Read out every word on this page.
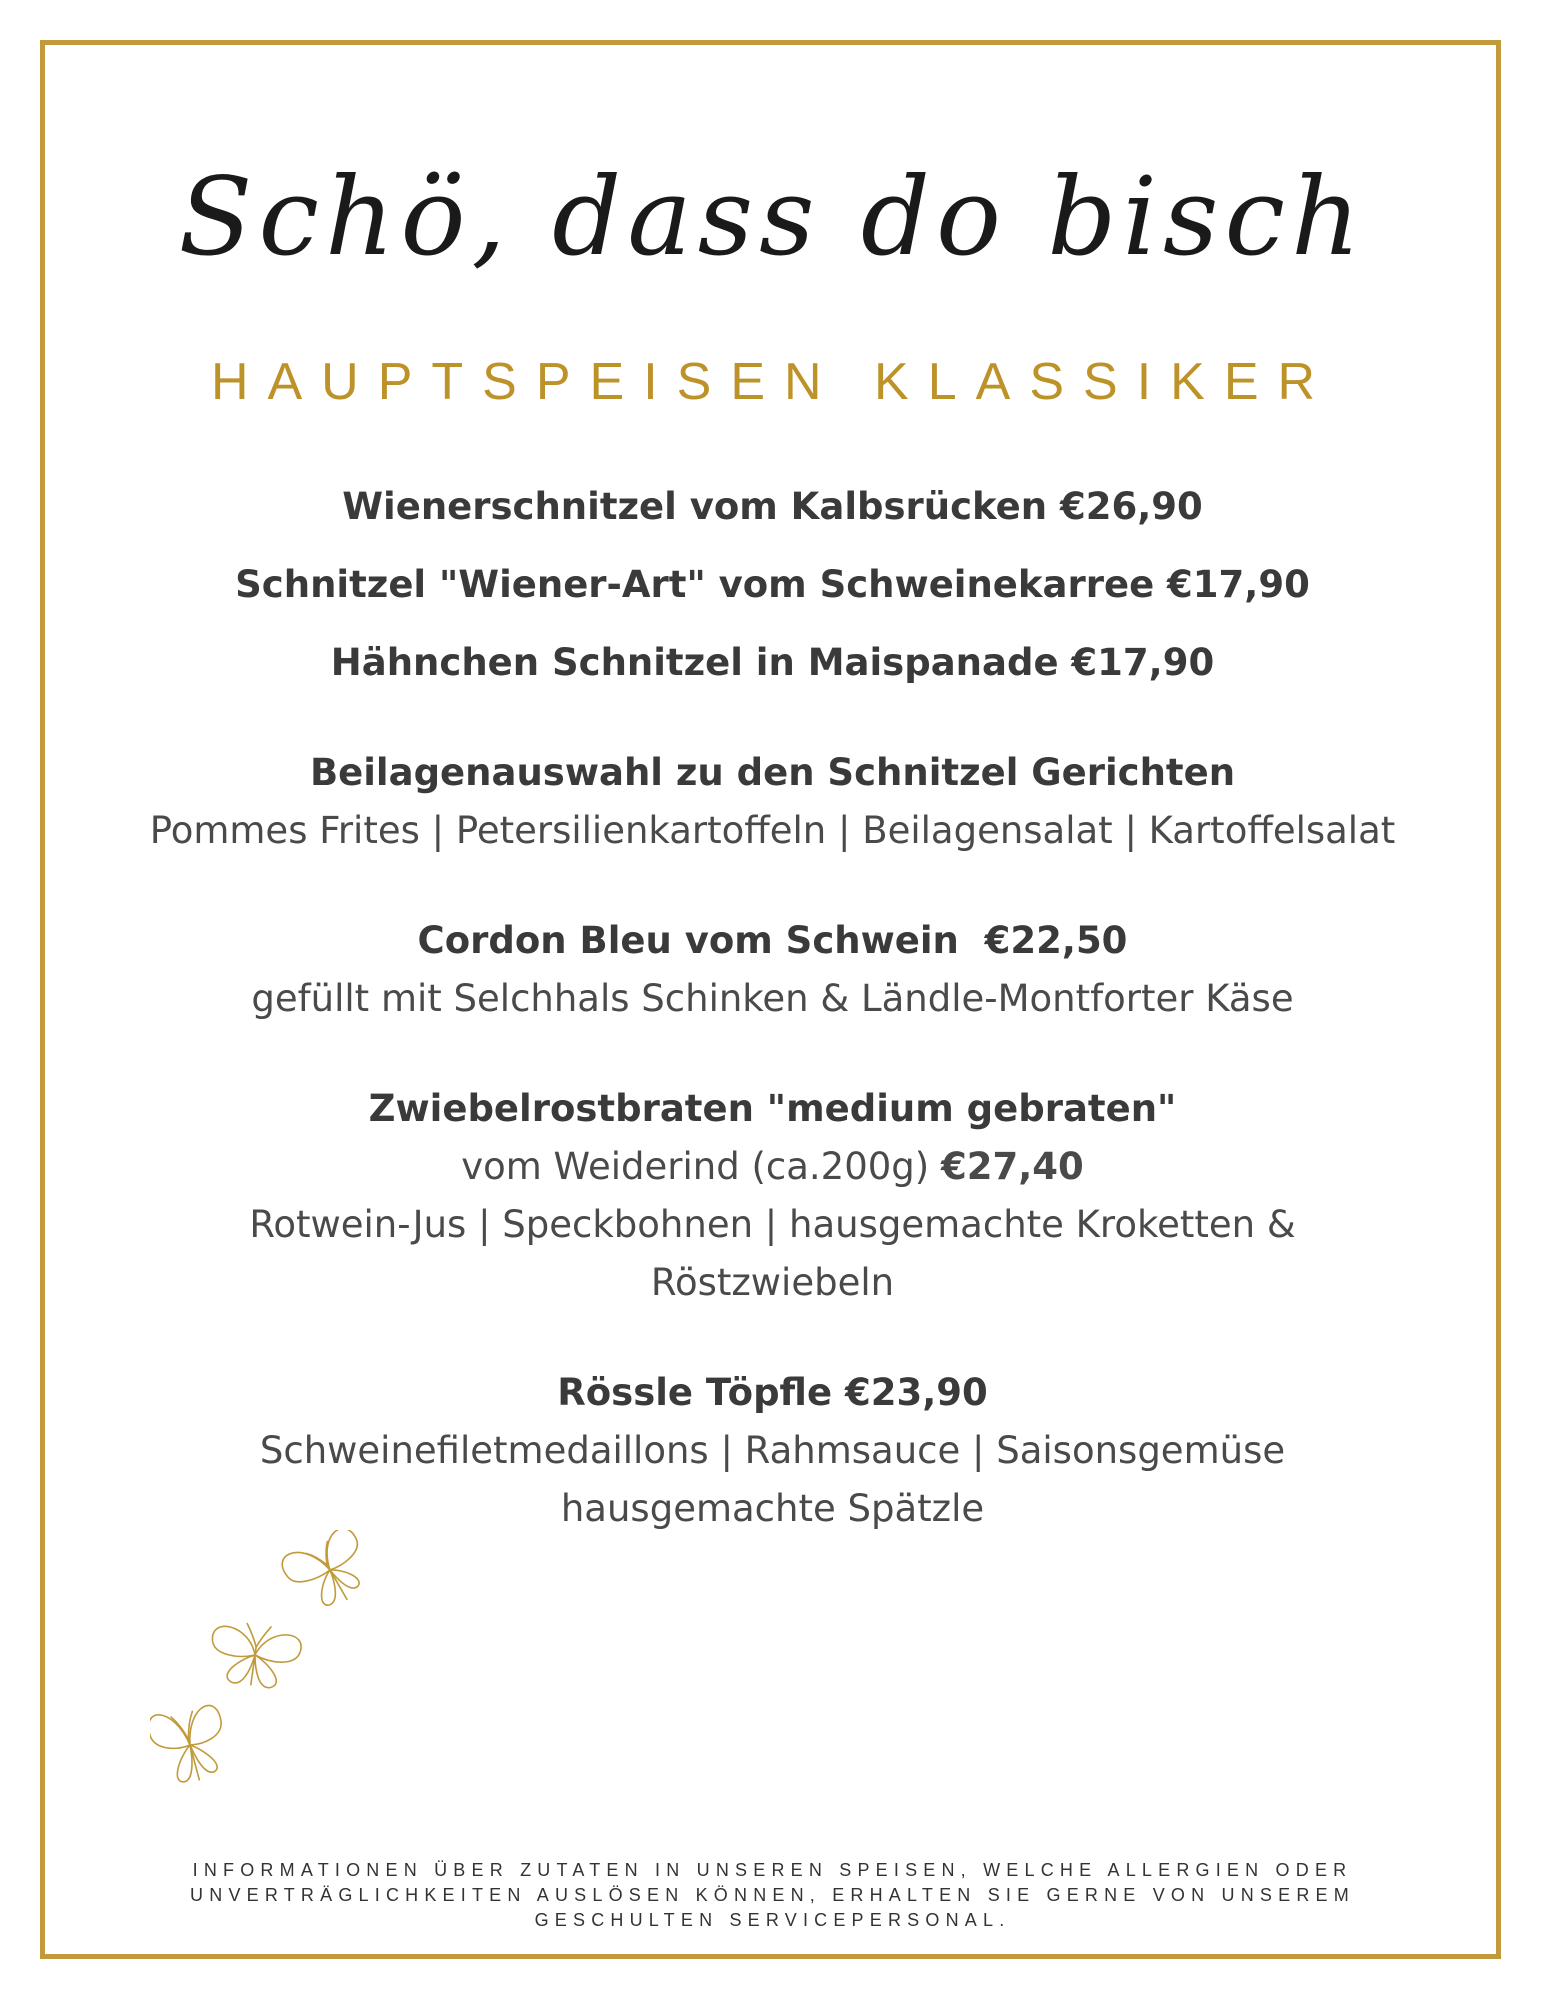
Schö, dass do bisch
HAUPTSPEISEN KLASSIKER
Wienerschnitzel vom Kalbsrücken €26,90
Schnitzel "Wiener-Art" vom Schweinekarree €17,90
Hähnchen Schnitzel in Maispanade €17,90
Beilagenauswahl zu den Schnitzel Gerichten
Pommes Frites | Petersilienkartoffeln | Beilagensalat | Kartoffelsalat
Cordon Bleu vom Schwein  €22,50
gefüllt mit Selchhals Schinken & Ländle-Montforter Käse
Zwiebelrostbraten "medium gebraten"
vom Weiderind (ca.200g) €27,40
Rotwein-Jus | Speckbohnen | hausgemachte Kroketten &
Röstzwiebeln
Rössle Töpfle €23,90
Schweinefiletmedaillons | Rahmsauce | Saisonsgemüse
hausgemachte Spätzle
INFORMATIONEN ÜBER ZUTATEN IN UNSEREN SPEISEN, WELCHE ALLERGIEN ODER
UNVERTRÄGLICHKEITEN AUSLÖSEN KÖNNEN, ERHALTEN SIE GERNE VON UNSEREM
GESCHULTEN SERVICEPERSONAL.
